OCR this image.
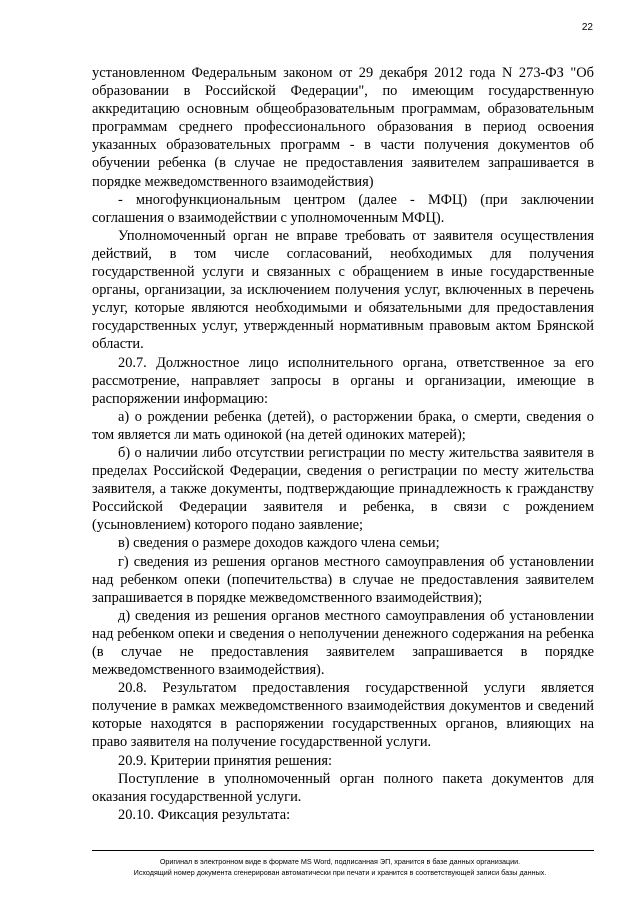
22

установленном Федеральным законом от 29 декабря 2012 года N 273-ФЗ "Об образовании в Российской Федерации", по имеющим государственную аккредитацию основным общеобразовательным программам, образовательным программам среднего профессионального образования в период освоения указанных образовательных программ - в части получения документов об обучении ребенка (в случае не предоставления заявителем запрашивается в порядке межведомственного взаимодействия)

- многофункциональным центром (далее - МФЦ) (при заключении соглашения о взаимодействии с уполномоченным МФЦ).

Уполномоченный орган не вправе требовать от заявителя осуществления действий, в том числе согласований, необходимых для получения государственной услуги и связанных с обращением в иные государственные органы, организации, за исключением получения услуг, включенных в перечень услуг, которые являются необходимыми и обязательными для предоставления государственных услуг, утвержденный нормативным правовым актом Брянской области.

20.7. Должностное лицо исполнительного органа, ответственное за его рассмотрение, направляет запросы в органы и организации, имеющие в распоряжении информацию:

а) о рождении ребенка (детей), о расторжении брака, о смерти, сведения о том является ли мать одинокой (на детей одиноких матерей);

б) о наличии либо отсутствии регистрации по месту жительства заявителя в пределах Российской Федерации, сведения о регистрации по месту жительства заявителя, а также документы, подтверждающие принадлежность к гражданству Российской Федерации заявителя и ребенка, в связи с рождением (усыновлением) которого подано заявление;

в) сведения о размере доходов каждого члена семьи;

г) сведения из решения органов местного самоуправления об установлении над ребенком опеки (попечительства) в случае не предоставления заявителем запрашивается в порядке межведомственного взаимодействия);

д) сведения из решения органов местного самоуправления об установлении над ребенком опеки и сведения о неполучении денежного содержания на ребенка (в случае не предоставления заявителем запрашивается в порядке межведомственного взаимодействия).

20.8. Результатом предоставления государственной услуги является получение в рамках межведомственного взаимодействия документов и сведений которые находятся в распоряжении государственных органов, влияющих на право заявителя на получение государственной услуги.

20.9. Критерии принятия решения:

Поступление в уполномоченный орган полного пакета документов для оказания государственной услуги.

20.10. Фиксация результата:

Оригинал в электронном виде в формате MS Word, подписанная ЭП, хранится в базе данных организации.
Исходящий номер документа сгенерирован автоматически при печати и хранится в соответствующей записи базы данных.
